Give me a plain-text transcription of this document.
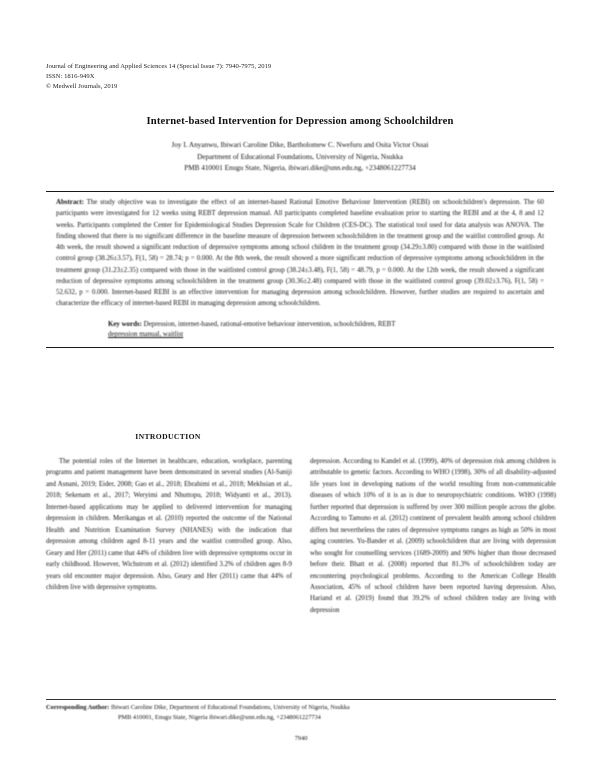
Journal of Engineering and Applied Sciences 14 (Special Issue 7): 7940-7975, 2019
ISSN: 1816-949X
© Medwell Journals, 2019
Internet-based Intervention for Depression among Schoolchildren
Joy I. Anyanwu, Ibiwari Caroline Dike, Bartholomew C. Nwefuru and Osita Victor Ossai
Department of Educational Foundations, University of Nigeria, Nsukka
PMB 410001 Enugu State, Nigeria, ibiwari.dike@unn.edu.ng, +2348061227734

Abstract: The study objective was to investigate the effect of an internet-based Rational Emotive Behaviour Intervention (REBI) on schoolchildren's depression. The 60 participants were investigated for 12 weeks using REBT depression manual. All participants completed baseline evaluation prior to starting the REBI and at the 4, 8 and 12 weeks. Participants completed the Center for Epidemiological Studies Depression Scale for Children (CES-DC). The statistical tool used for data analysis was ANOVA. The finding showed that there is no significant difference in the baseline measure of depression between schoolchildren in the treatment group and the waitlist controlled group. At 4th week, the result showed a significant reduction of depressive symptoms among school children in the treatment group (34.29±3.80) compared with those in the waitlisted control group (38.26±3.57), F(1, 58) = 28.74; p = 0.000. At the 8th week, the result showed a more significant reduction of depressive symptoms among schoolchildren in the treatment group (31.23±2.35) compared with those in the waitlisted control group (38.24±3.48), F(1, 58) = 48.79, p = 0.000. At the 12th week, the result showed a significant reduction of depressive symptoms among schoolchildren in the treatment group (30.36±2.48) compared with those in the waitlisted control group (39.02±3.76), F(1, 58) = 52.632, p = 0.000. Internet-based REBI is an effective intervention for managing depression among schoolchildren. However, further studies are required to ascertain and characterize the efficacy of internet-based REBI in managing depression among schoolchildren.

Key words: Depression, internet-based, rational-emotive behaviour intervention, schoolchildren, REBT
depression manual, waitlist

INTRODUCTION

The potential roles of the Internet in healthcare, education, workplace, parenting programs and patient management have been demonstrated in several studies (Al-Saniji and Asnani, 2019; Eider, 2008; Gao et al., 2018; Ebrahimi et al., 2018; Mekhsian et al., 2018; Sekenam et al., 2017; Weryimi and Nhuttopu, 2018; Widyanti et al., 2013). Internet-based applications may be applied to delivered intervention for managing depression in children. Merikangas et al. (2010) reported the outcome of the National Health and Nutrition Examination Survey (NHANES) with the indication that depression among children aged 8-11 years and the waitlist controlled group. Also, Geary and Her (2011) came that 44% of children live with depressive symptoms occur in early childhood. However, Wichstrom et al. (2012) identified 3.2% of children ages 8-9 years old encounter major depression. Also, Geary and Her (2011) came that 44% of children live with depressive symptoms.

depression. According to Kandel et al. (1999), 40% of depression risk among children is attributable to genetic factors. According to WHO (1998), 30% of all disability-adjusted life years lost in developing nations of the world resulting from non-communicable diseases of which 10% of it is as is due to neuropsychiatric conditions. WHO (1998) further reported that depression is suffered by over 300 million people across the globe. According to Tamuno et al. (2012) continent of prevalent health among school children differs but nevertheless the rates of depressive symptoms ranges as high as 50% in most aging countries. Yu-Bander et al. (2009) schoolchildren that are living with depression who sought for counselling services (1689-2009) and 90% higher than those decreased before their. Bhatt et al. (2008) reported that 81.3% of schoolchildren today are encountering psychological problems. According to the American College Health Association, 45% of school children have been reported having depression. Also, Hariand et al. (2019) found that 39.2% of school children today are living with depression

Corresponding Author: Ibiwari Caroline Dike, Department of Educational Foundations, University of Nigeria, Nsukka
PMB 410001, Enugu State, Nigeria ibiwari.dike@unn.edu.ng, +2348061227734
7940
